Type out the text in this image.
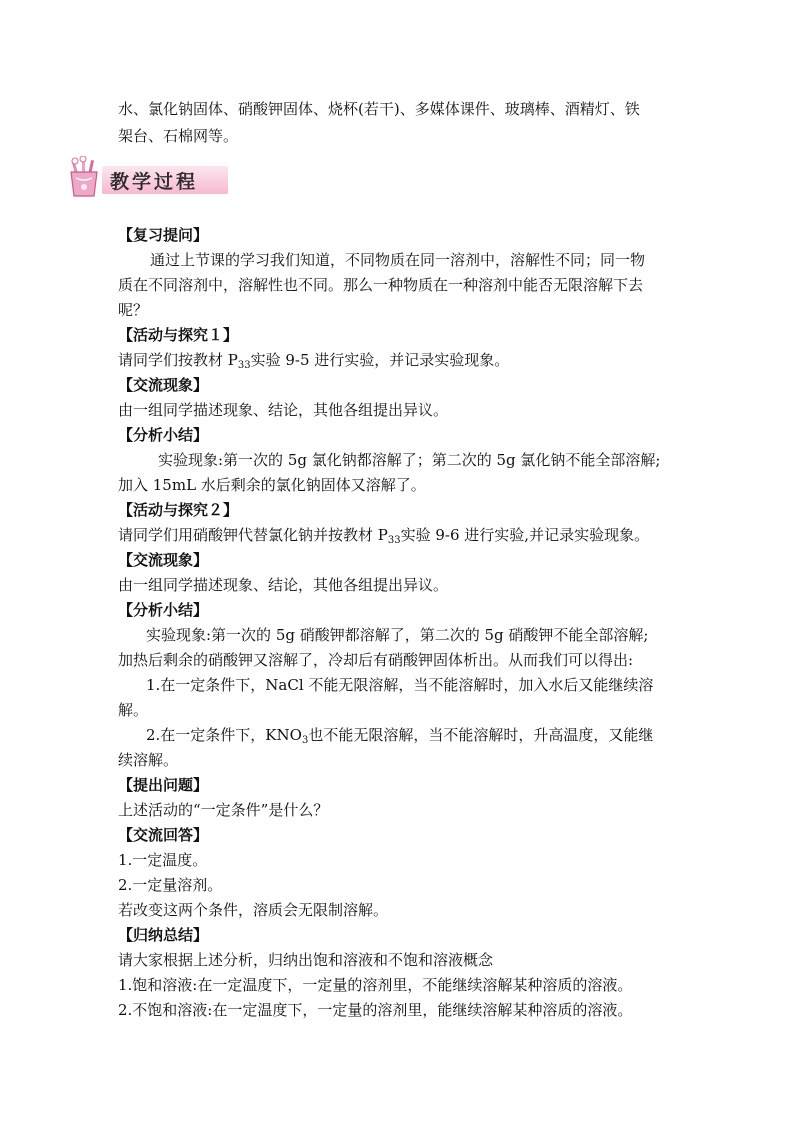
水、氯化钠固体、硝酸钾固体、烧杯(若干)、多媒体课件、玻璃棒、酒精灯、铁
架台、石棉网等。
【复习提问】
通过上节课的学习我们知道，不同物质在同一溶剂中，溶解性不同；同一物
质在不同溶剂中，溶解性也不同。那么一种物质在一种溶剂中能否无限溶解下去
呢？
【活动与探究１】
请同学们按教材 $P_{33}$实验 9-5 进行实验，并记录实验现象。
【交流现象】
由一组同学描述现象、结论，其他各组提出异议。
【分析小结】
实验现象:第一次的 5g 氯化钠都溶解了；第二次的 5g 氯化钠不能全部溶解;
加入 15mL 水后剩余的氯化钠固体又溶解了。
【活动与探究２】
请同学们用硝酸钾代替氯化钠并按教材 $P_{33}$实验 9-6 进行实验,并记录实验现象。
【交流现象】
由一组同学描述现象、结论，其他各组提出异议。
【分析小结】
实验现象:第一次的 5g 硝酸钾都溶解了，第二次的 5g 硝酸钾不能全部溶解;
加热后剩余的硝酸钾又溶解了，冷却后有硝酸钾固体析出。从而我们可以得出:
1.在一定条件下，NaCl 不能无限溶解，当不能溶解时，加入水后又能继续溶
解。
2.在一定条件下，$KNO_3$也不能无限溶解，当不能溶解时，升高温度，又能继
续溶解。
【提出问题】
上述活动的“一定条件”是什么？
【交流回答】
1.一定温度。
2.一定量溶剂。
若改变这两个条件，溶质会无限制溶解。
【归纳总结】
请大家根据上述分析，归纳出饱和溶液和不饱和溶液概念
1.饱和溶液:在一定温度下，一定量的溶剂里，不能继续溶解某种溶质的溶液。
2.不饱和溶液:在一定温度下，一定量的溶剂里，能继续溶解某种溶质的溶液。
教学过程
